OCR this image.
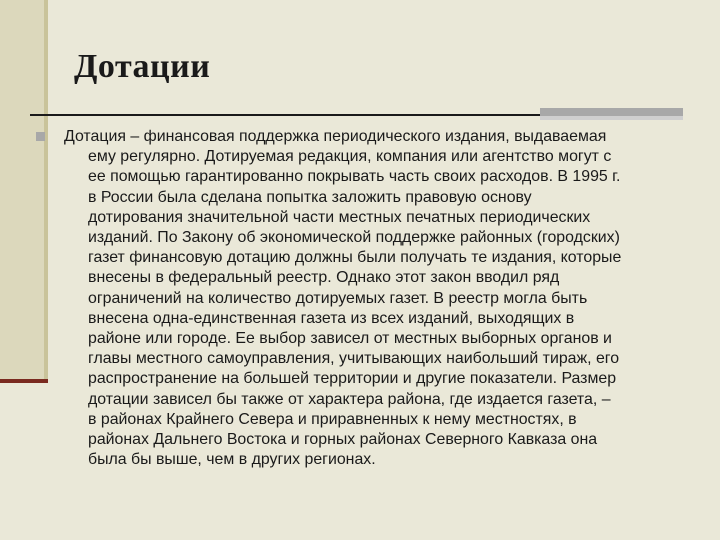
Дотации
Дотация – финансовая поддержка периодического издания, выдаваемая
ему регулярно. Дотируемая редакция, компания или агентство могут с
ее помощью гарантированно покрывать часть своих расходов. В 1995 г.
в России была сделана попытка заложить правовую основу
дотирования значительной части местных печатных периодических
изданий. По Закону об экономической поддержке районных (городских)
газет финансовую дотацию должны были получать те издания, которые
внесены в федеральный реестр. Однако этот закон вводил ряд
ограничений на количество дотируемых газет. В реестр могла быть
внесена одна-единственная газета из всех изданий, выходящих в
районе или городе. Ее выбор зависел от местных выборных органов и
главы местного самоуправления, учитывающих наибольший тираж, его
распространение на большей территории и другие показатели. Размер
дотации зависел бы также от характера района, где издается газета, –
в районах Крайнего Севера и приравненных к нему местностях, в
районах Дальнего Востока и горных районах Северного Кавказа она
была бы выше, чем в других регионах.
